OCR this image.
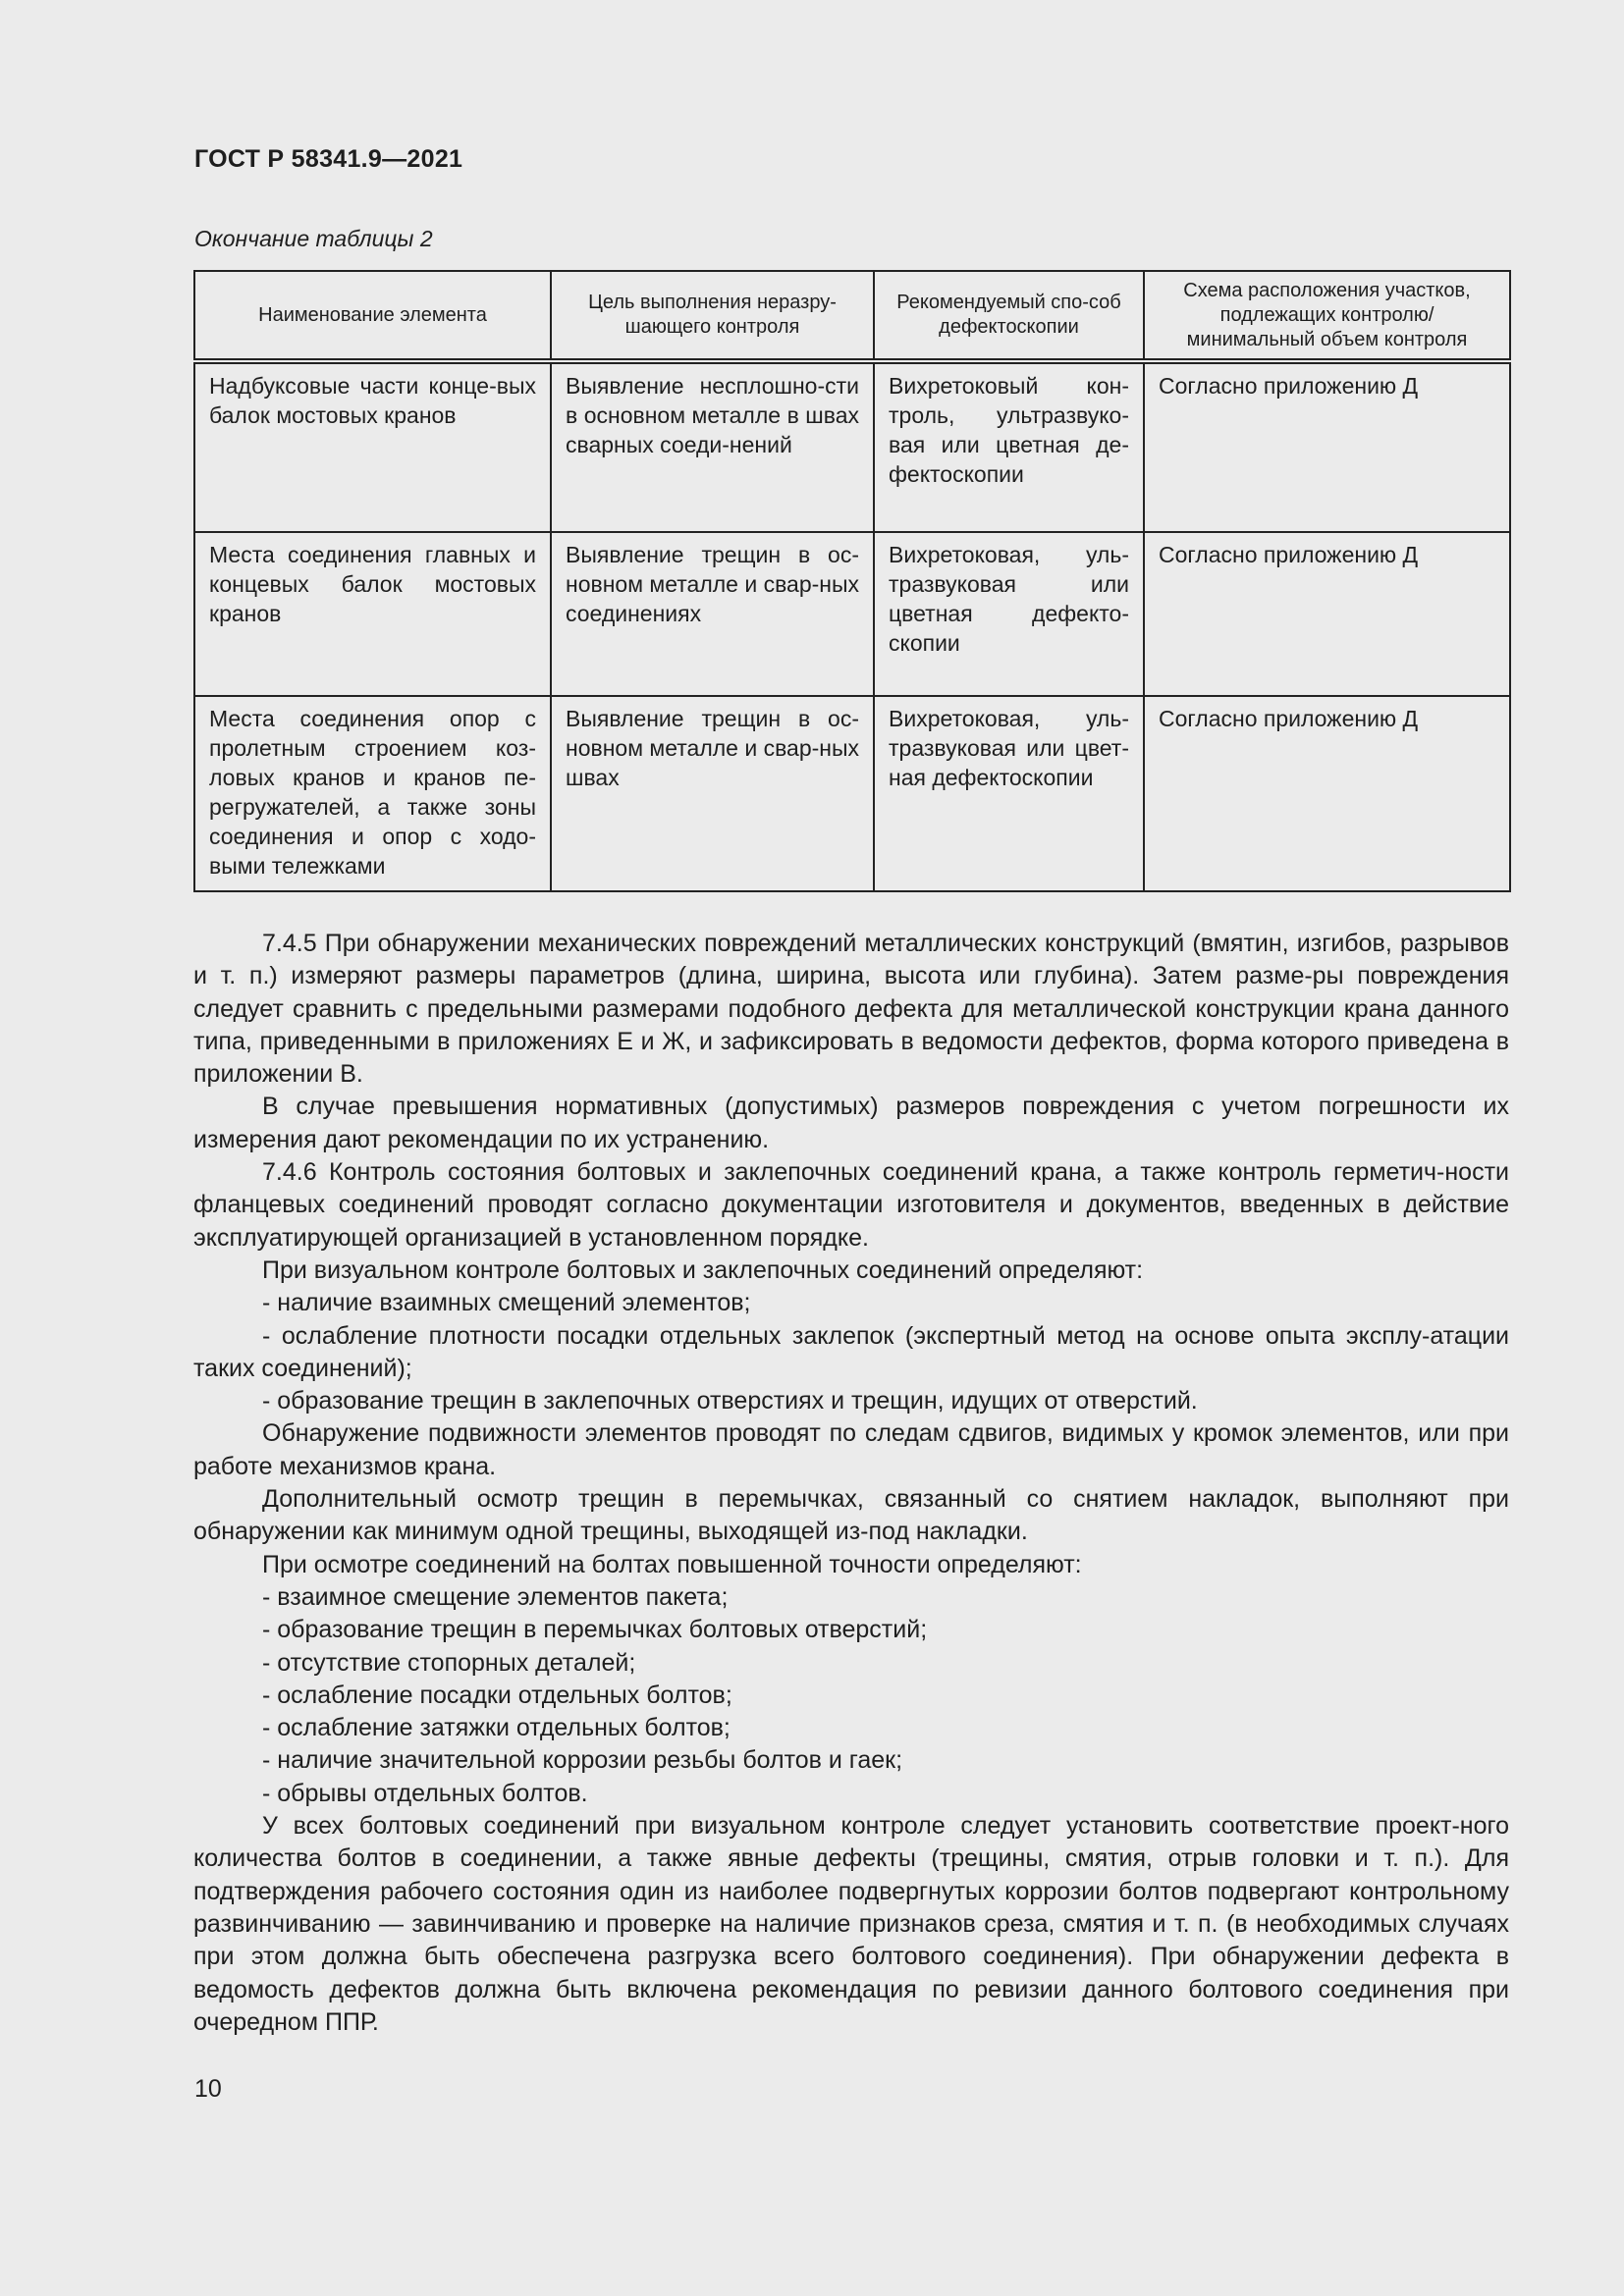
ГОСТ Р 58341.9—2021
Окончание таблицы 2
Наименование элемента	Цель выполнения неразру-шающего контроля	Рекомендуемый спо-соб дефектоскопии	Схема расположения участков, подлежащих контролю/ минимальный объем контроля
Надбуксовые части конце-вых балок мостовых кранов	Выявление несплошно-сти в основном металле в швах сварных соеди-нений	Вихретоковый кон-троль, ультразвуко-вая или цветная де-фектоскопии	Согласно приложению Д
Места соединения главных и концевых балок мостовых кранов	Выявление трещин в ос-новном металле и свар-ных соединениях	Вихретоковая, уль-тразвуковая или цветная дефекто-скопии	Согласно приложению Д
Места соединения опор с пролетным строением коз-ловых кранов и кранов пе-регружателей, а также зоны соединения и опор с ходо-выми тележками	Выявление трещин в ос-новном металле и свар-ных швах	Вихретоковая, уль-тразвуковая или цвет-ная дефектоскопии	Согласно приложению Д

7.4.5 При обнаружении механических повреждений металлических конструкций (вмятин, изгибов, разрывов и т. п.) измеряют размеры параметров (длина, ширина, высота или глубина). Затем разме-ры повреждения следует сравнить с предельными размерами подобного дефекта для металлической конструкции крана данного типа, приведенными в приложениях Е и Ж, и зафиксировать в ведомости дефектов, форма которого приведена в приложении В.

В случае превышения нормативных (допустимых) размеров повреждения с учетом погрешности их измерения дают рекомендации по их устранению.

7.4.6 Контроль состояния болтовых и заклепочных соединений крана, а также контроль герметич-ности фланцевых соединений проводят согласно документации изготовителя и документов, введенных в действие эксплуатирующей организацией в установленном порядке.

При визуальном контроле болтовых и заклепочных соединений определяют:

- наличие взаимных смещений элементов;

- ослабление плотности посадки отдельных заклепок (экспертный метод на основе опыта эксплу-атации таких соединений);

- образование трещин в заклепочных отверстиях и трещин, идущих от отверстий.

Обнаружение подвижности элементов проводят по следам сдвигов, видимых у кромок элементов, или при работе механизмов крана.

Дополнительный осмотр трещин в перемычках, связанный со снятием накладок, выполняют при обнаружении как минимум одной трещины, выходящей из-под накладки.

При осмотре соединений на болтах повышенной точности определяют:

- взаимное смещение элементов пакета;

- образование трещин в перемычках болтовых отверстий;

- отсутствие стопорных деталей;

- ослабление посадки отдельных болтов;

- ослабление затяжки отдельных болтов;

- наличие значительной коррозии резьбы болтов и гаек;

- обрывы отдельных болтов.

У всех болтовых соединений при визуальном контроле следует установить соответствие проект-ного количества болтов в соединении, а также явные дефекты (трещины, смятия, отрыв головки и т. п.). Для подтверждения рабочего состояния один из наиболее подвергнутых коррозии болтов подвергают контрольному развинчиванию — завинчиванию и проверке на наличие признаков среза, смятия и т. п. (в необходимых случаях при этом должна быть обеспечена разгрузка всего болтового соединения). При обнаружении дефекта в ведомость дефектов должна быть включена рекомендация по ревизии данного болтового соединения при очередном ППР.

10
